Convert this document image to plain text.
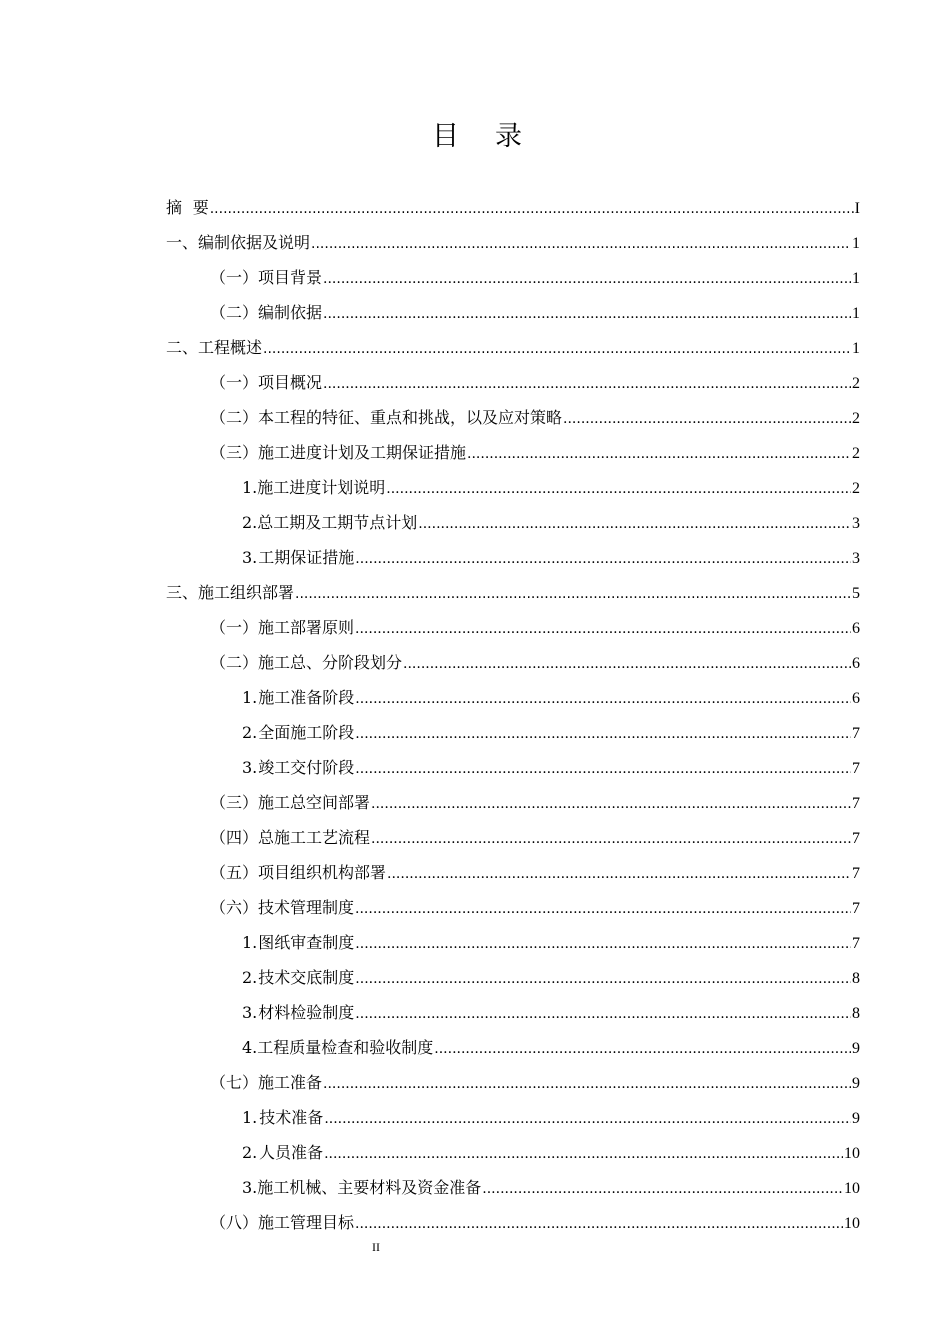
目录
摘 要 .....	I
一、 编制依据及说明 .....	1
（一） 项目背景 .....	1
（二） 编制依据 .....	1
二、 工程概述 .....	1
（一） 项目概况 .....	2
（二） 本工程的特征、重点和挑战，以及应对策略 .....	2
（三） 施工进度计划及工期保证措施 .....	2
1. 施工进度计划说明 .....	2
2. 总工期及工期节点计划 .....	3
3. 工期保证措施 .....	3
三、 施工组织部署 .....	5
（一） 施工部署原则 .....	6
（二） 施工总、分阶段划分 .....	6
1. 施工准备阶段 .....	6
2. 全面施工阶段 .....	7
3. 竣工交付阶段 .....	7
（三） 施工总空间部署 .....	7
（四） 总施工工艺流程 .....	7
（五） 项目组织机构部署 .....	7
（六） 技术管理制度 .....	7
1. 图纸审查制度 .....	7
2. 技术交底制度 .....	8
3. 材料检验制度 .....	8
4. 工程质量检查和验收制度 .....	9
（七） 施工准备 .....	9
1. 技术准备 .....	9
2. 人员准备 .....	10
3. 施工机械、主要材料及资金准备 .....	10
（八） 施工管理目标 .....	10
II
